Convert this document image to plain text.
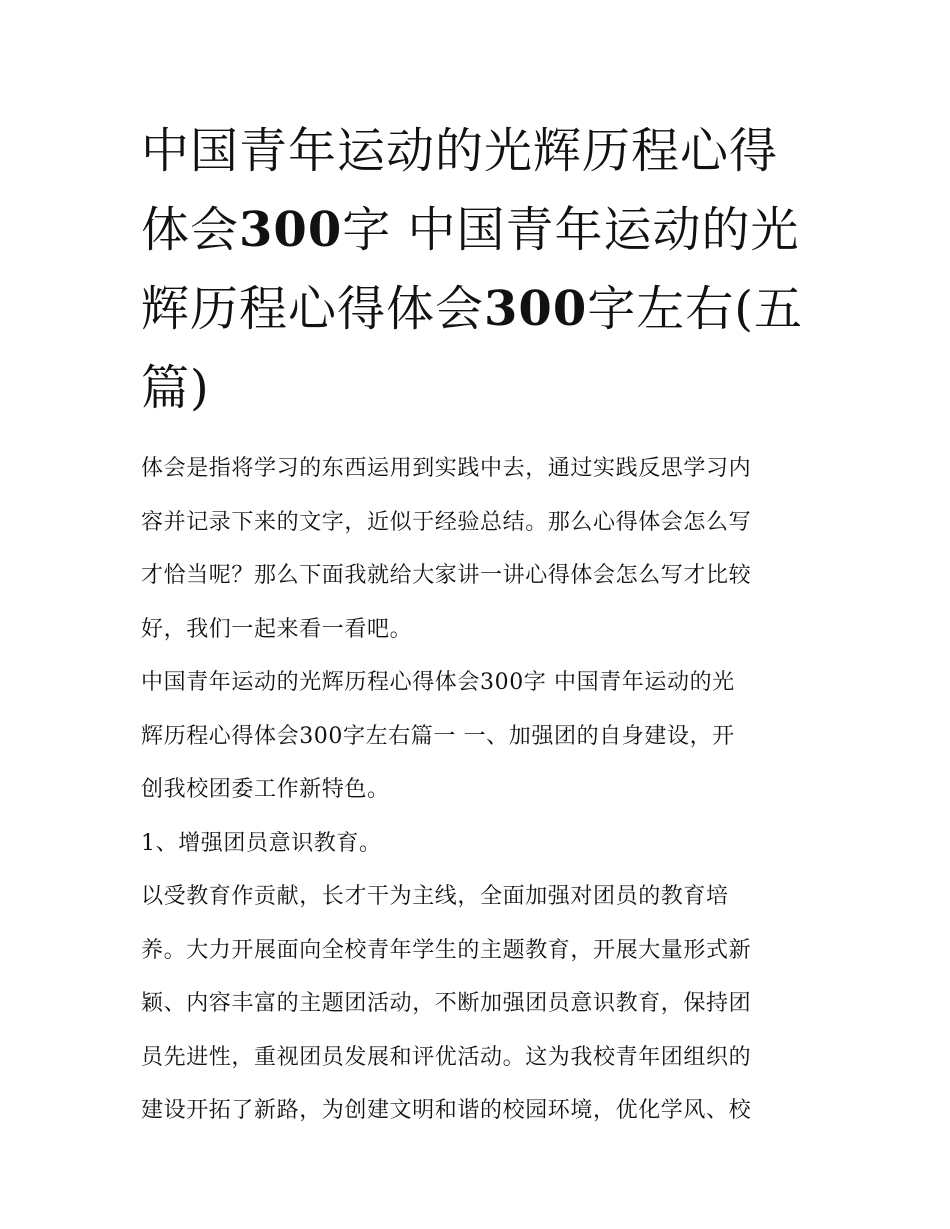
中国青年运动的光辉历程心得
体会300字 中国青年运动的光
辉历程心得体会300字左右(五
篇)
体会是指将学习的东西运用到实践中去，通过实践反思学习内
容并记录下来的文字，近似于经验总结。那么心得体会怎么写
才恰当呢？那么下面我就给大家讲一讲心得体会怎么写才比较
好，我们一起来看一看吧。
中国青年运动的光辉历程心得体会300字 中国青年运动的光
辉历程心得体会300字左右篇一 一、加强团的自身建设，开
创我校团委工作新特色。
1、增强团员意识教育。
以受教育作贡献，长才干为主线，全面加强对团员的教育培
养。大力开展面向全校青年学生的主题教育，开展大量形式新
颖、内容丰富的主题团活动，不断加强团员意识教育，保持团
员先进性，重视团员发展和评优活动。这为我校青年团组织的
建设开拓了新路，为创建文明和谐的校园环境，优化学风、校
